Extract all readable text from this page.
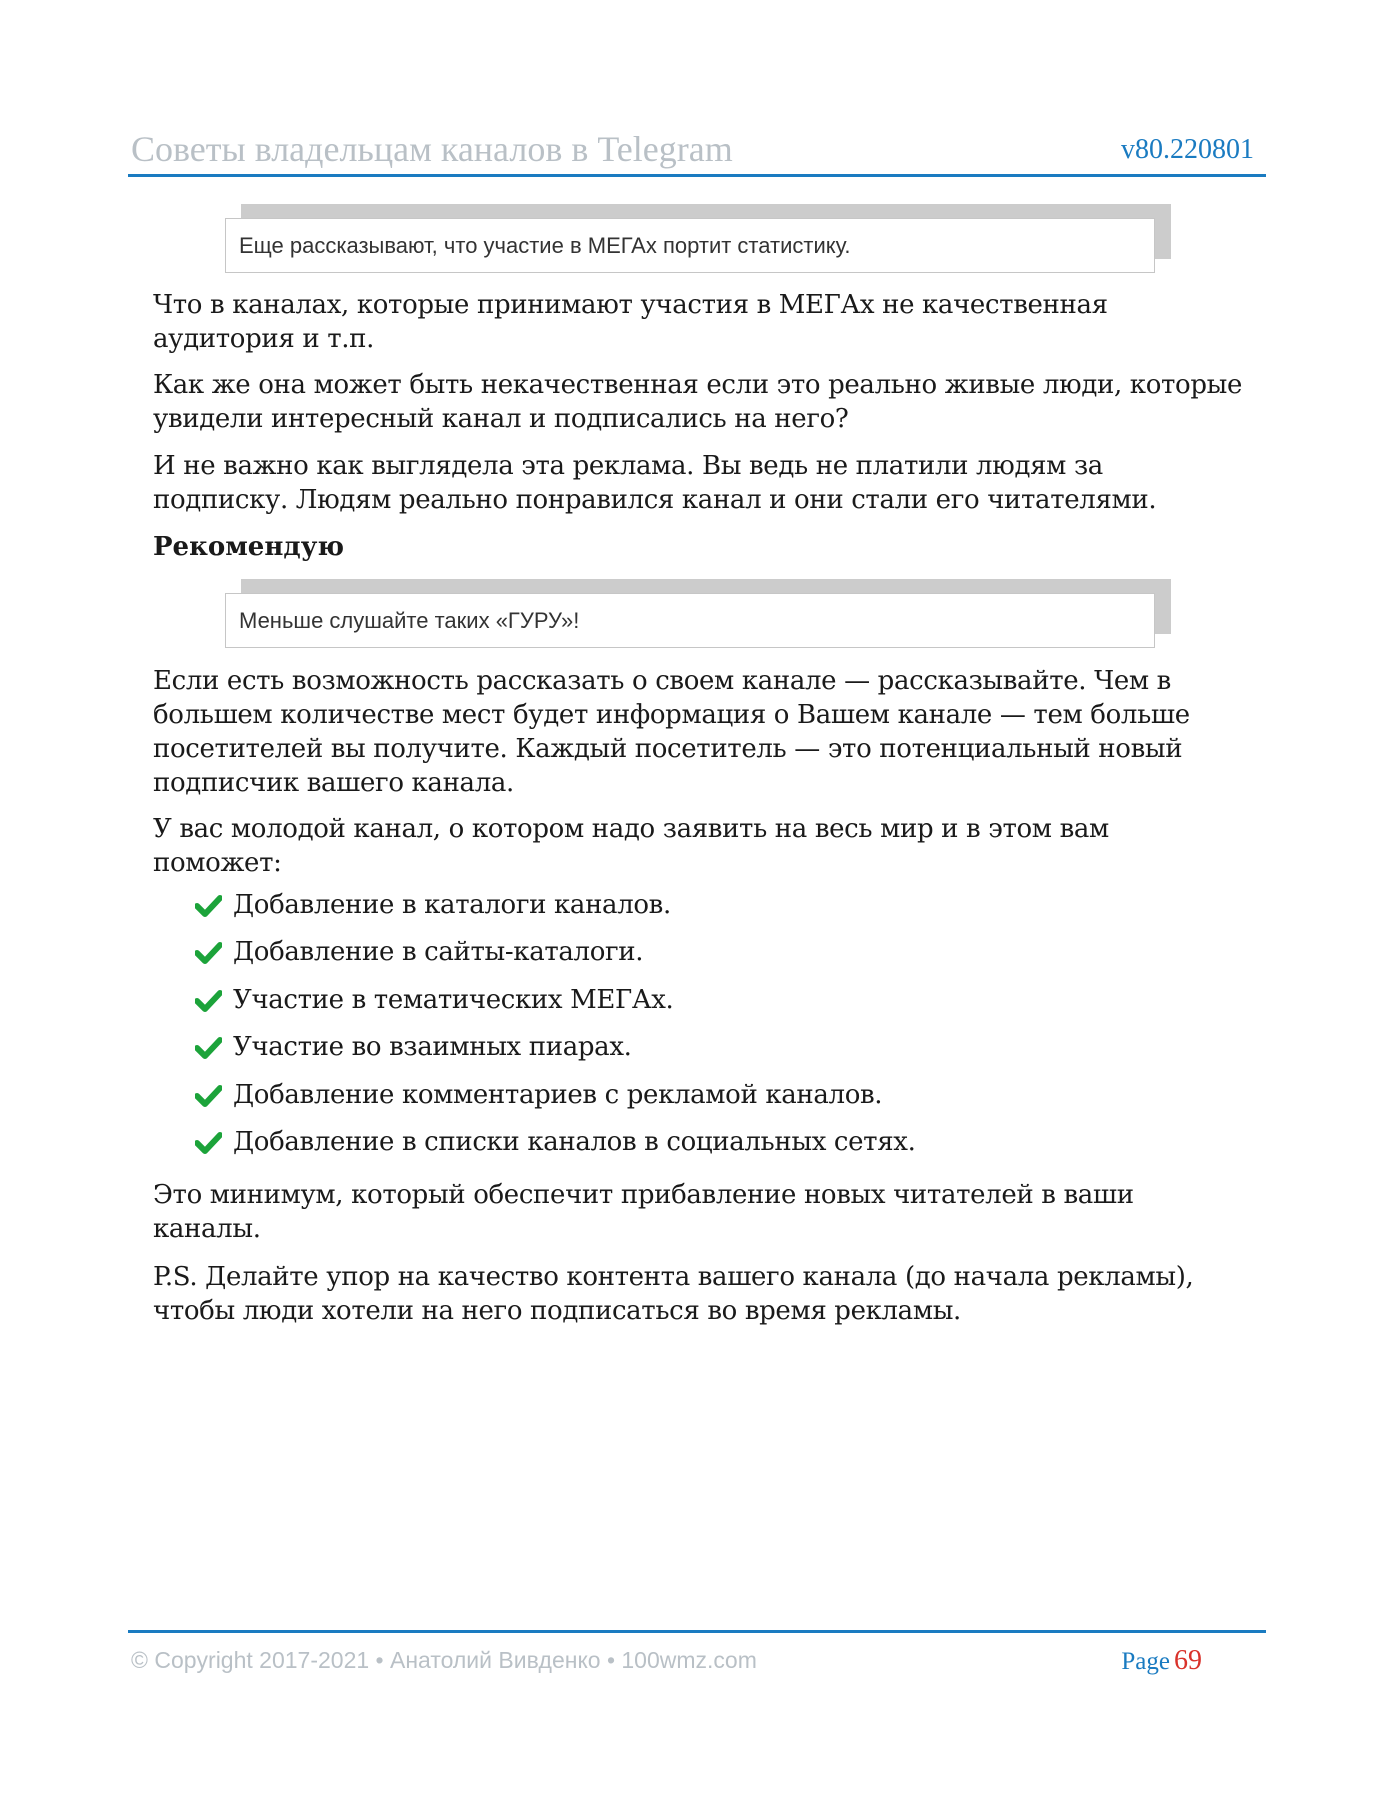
Советы владельцам каналов в Telegram	v80.220801
Еще рассказывают, что участие в МЕГАх портит статистику.

Что в каналах, которые принимают участия в МЕГАх не качественная аудитория и т.п.

Как же она может быть некачественная если это реально живые люди, которые увидели интересный канал и подписались на него?

И не важно как выглядела эта реклама. Вы ведь не платили людям за подписку. Людям реально понравился канал и они стали его читателями.

Рекомендую
Меньше слушайте таких «ГУРУ»!

Если есть возможность рассказать о своем канале — рассказывайте. Чем в большем количестве мест будет информация о Вашем канале — тем больше посетителей вы получите. Каждый посетитель — это потенциальный новый подписчик вашего канала.

У вас молодой канал, о котором надо заявить на весь мир и в этом вам поможет:

Добавление в каталоги каналов.
Добавление в сайты-каталоги.
Участие в тематических МЕГАх.
Участие во взаимных пиарах.
Добавление комментариев с рекламой каналов.
Добавление в списки каналов в социальных сетях.

Это минимум, который обеспечит прибавление новых читателей в ваши каналы.

P.S. Делайте упор на качество контента вашего канала (до начала рекламы), чтобы люди хотели на него подписаться во время рекламы.

© Copyright 2017-2021 • Анатолий Вивденко • 100wmz.com	Page 69
